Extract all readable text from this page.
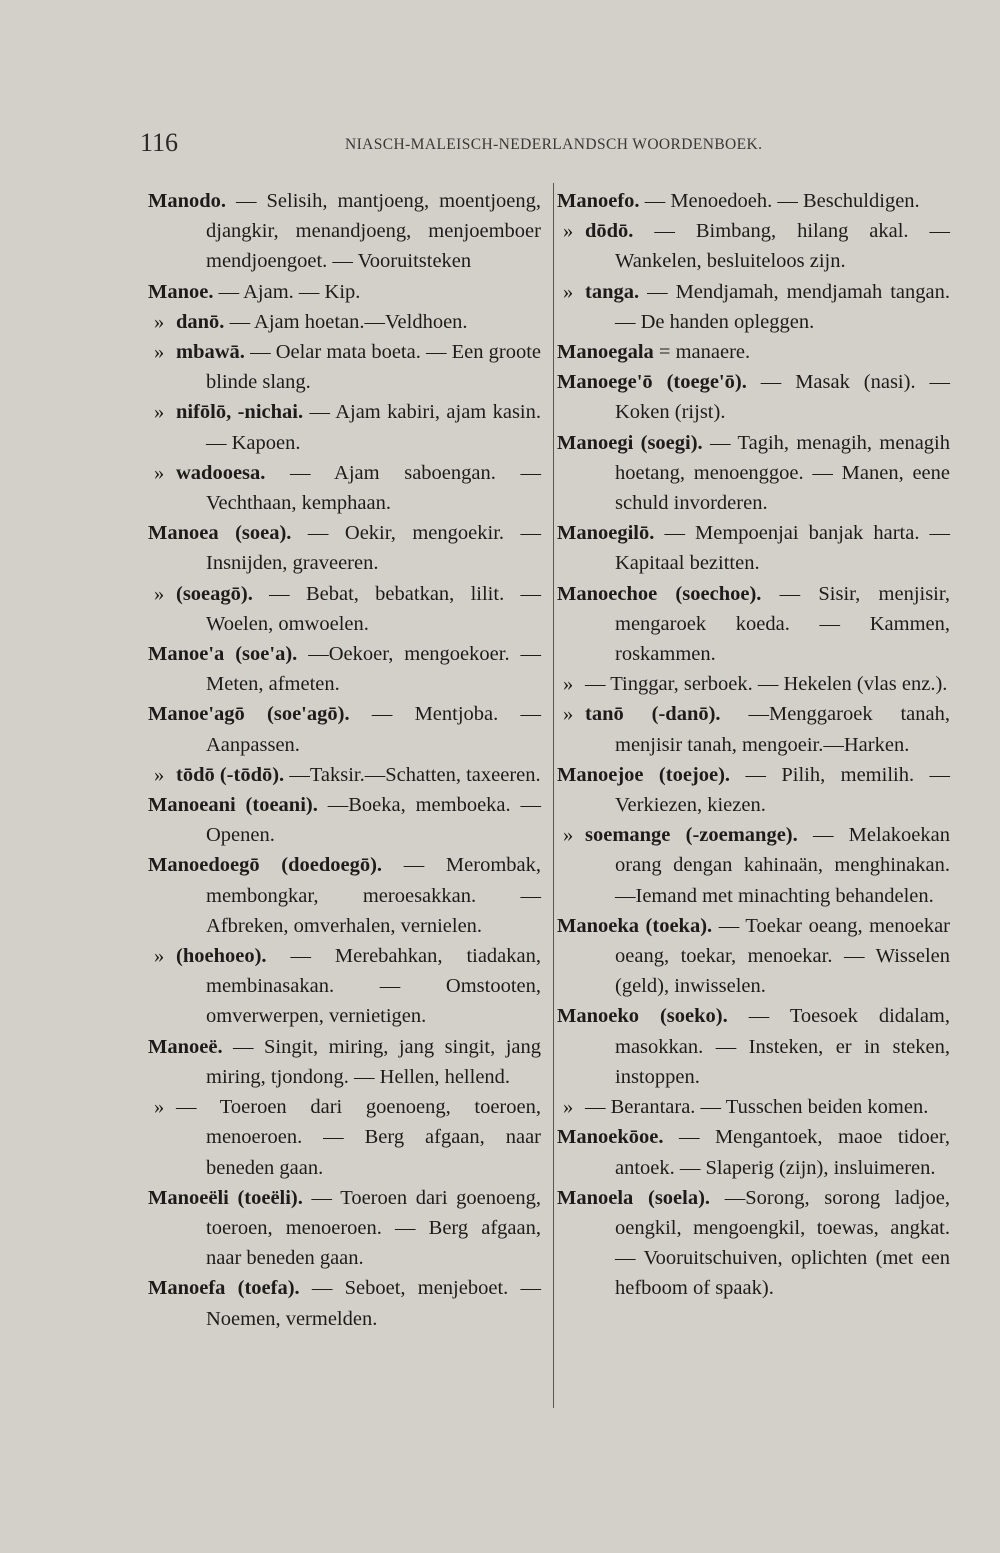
116	NIASCH-MALEISCH-NEDERLANDSCH WOORDENBOEK.
Manodo. — Selisih, mantjoeng, moentjoeng, djangkir, menandjoeng, menjoemboer mendjoengoet. — Vooruitsteken
Manoe. — Ajam. — Kip.
» danō. — Ajam hoetan.—Veldhoen.
» mbawā. — Oelar mata boeta. — Een groote blinde slang.
» nifōlō, -nichai. — Ajam kabiri, ajam kasin. — Kapoen.
» wadooesa. — Ajam saboengan. — Vechthaan, kemphaan.
Manoea (soea). — Oekir, mengoekir. —Insnijden, graveeren.
» (soeagō). — Bebat, bebatkan, lilit. — Woelen, omwoelen.
Manoe'a (soe'a). —Oekoer, mengoekoer. — Meten, afmeten.
Manoe'agō (soe'agō). — Mentjoba. — Aanpassen.
» tōdō (-tōdō). —Taksir.—Schatten, taxeeren.
Manoeani (toeani). —Boeka, memboeka. — Openen.
Manoedoegō (doedoegō). — Merombak, membongkar, meroesakkan. — Afbreken, omverhalen, vernielen.
» (hoehoeo). — Merebahkan, tiadakan, membinasakan. — Omstooten, omverwerpen, vernietigen.
Manoeë. — Singit, miring, jang singit, jang miring, tjondong. — Hellen, hellend.
» — Toeroen dari goenoeng, toeroen, menoeroen. — Berg afgaan, naar beneden gaan.
Manoeëli (toeëli). — Toeroen dari goenoeng, toeroen, menoeroen. — Berg afgaan, naar beneden gaan.
Manoefa (toefa). — Seboet, menjeboet. — Noemen, vermelden.
Manoefo. — Menoedoeh. — Beschuldigen.
» dōdō. — Bimbang, hilang akal. — Wankelen, besluiteloos zijn.
» tanga. — Mendjamah, mendjamah tangan. — De handen opleggen.
Manoegala = manaere.
Manoege'ō (toege'ō). — Masak (nasi). — Koken (rijst).
Manoegi (soegi). — Tagih, menagih, menagih hoetang, menoenggoe. — Manen, eene schuld invorderen.
Manoegilō. — Mempoenjai banjak harta. — Kapitaal bezitten.
Manoechoe (soechoe). — Sisir, menjisir, mengaroek koeda. — Kammen, roskammen.
» — Tinggar, serboek. — Hekelen (vlas enz.).
» tanō (-danō). —Menggaroek tanah, menjisir tanah, mengoeir.—Harken.
Manoejoe (toejoe). — Pilih, memilih. — Verkiezen, kiezen.
» soemange (-zoemange). — Melakoekan orang dengan kahinaän, menghinakan.—Iemand met minachting behandelen.
Manoeka (toeka). — Toekar oeang, menoekar oeang, toekar, menoekar. — Wisselen (geld), inwisselen.
Manoeko (soeko). — Toesoek didalam, masokkan. — Insteken, er in steken, instoppen.
» — Berantara. — Tusschen beiden komen.
Manoekōoe. — Mengantoek, maoe tidoer, antoek. — Slaperig (zijn), insluimeren.
Manoela (soela). —Sorong, sorong ladjoe, oengkil, mengoengkil, toewas, angkat. — Vooruitschuiven, oplichten (met een hefboom of spaak).
